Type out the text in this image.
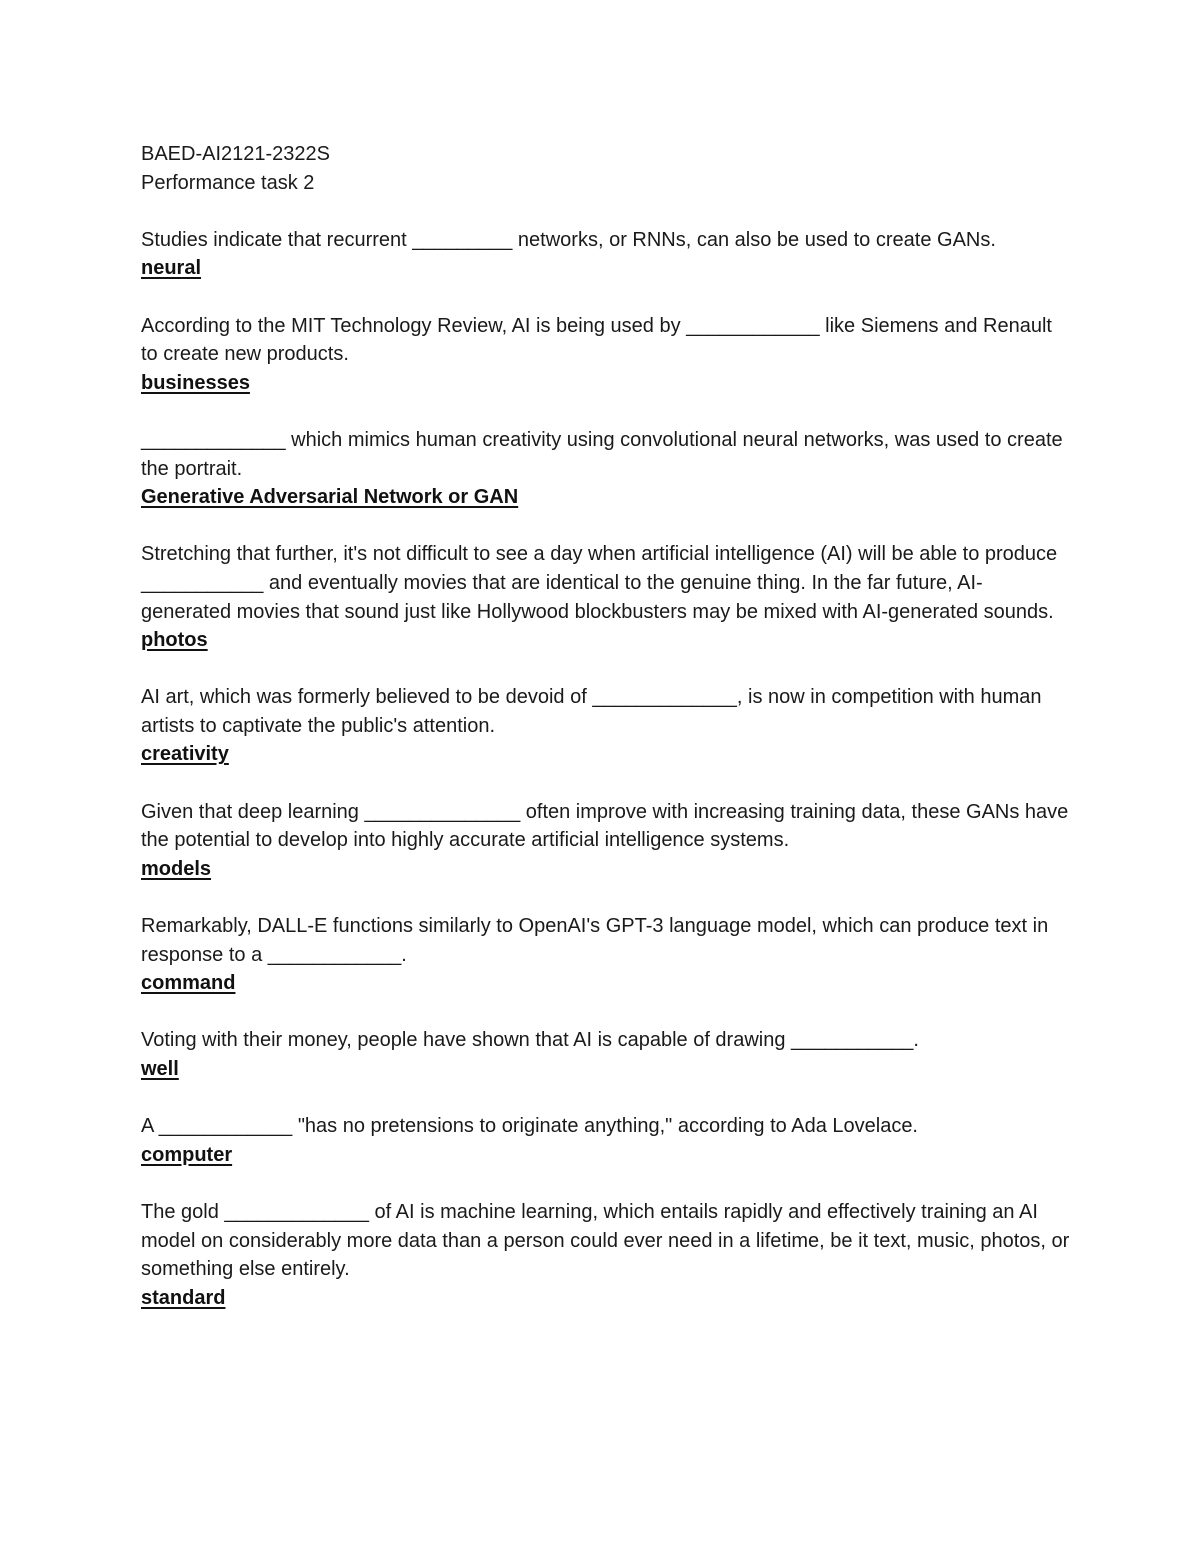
BAED-AI2121-2322S
Performance task 2

Studies indicate that recurrent _________ networks, or RNNs, can also be used to create GANs.

neural

According to the MIT Technology Review, AI is being used by ____________ like Siemens and Renault to create new products.

businesses

_____________ which mimics human creativity using convolutional neural networks, was used to create the portrait.

Generative Adversarial Network or GAN

Stretching that further, it's not difficult to see a day when artificial intelligence (AI) will be able to produce ___________ and eventually movies that are identical to the genuine thing. In the far future, AI-generated movies that sound just like Hollywood blockbusters may be mixed with AI-generated sounds.

photos

AI art, which was formerly believed to be devoid of _____________, is now in competition with human artists to captivate the public's attention.

creativity

Given that deep learning ______________ often improve with increasing training data, these GANs have the potential to develop into highly accurate artificial intelligence systems.

models

Remarkably, DALL-E functions similarly to OpenAI's GPT-3 language model, which can produce text in response to a ____________.

command

Voting with their money, people have shown that AI is capable of drawing ___________.

well

A ____________ "has no pretensions to originate anything," according to Ada Lovelace.

computer

The gold _____________ of AI is machine learning, which entails rapidly and effectively training an AI model on considerably more data than a person could ever need in a lifetime, be it text, music, photos, or something else entirely.

standard
